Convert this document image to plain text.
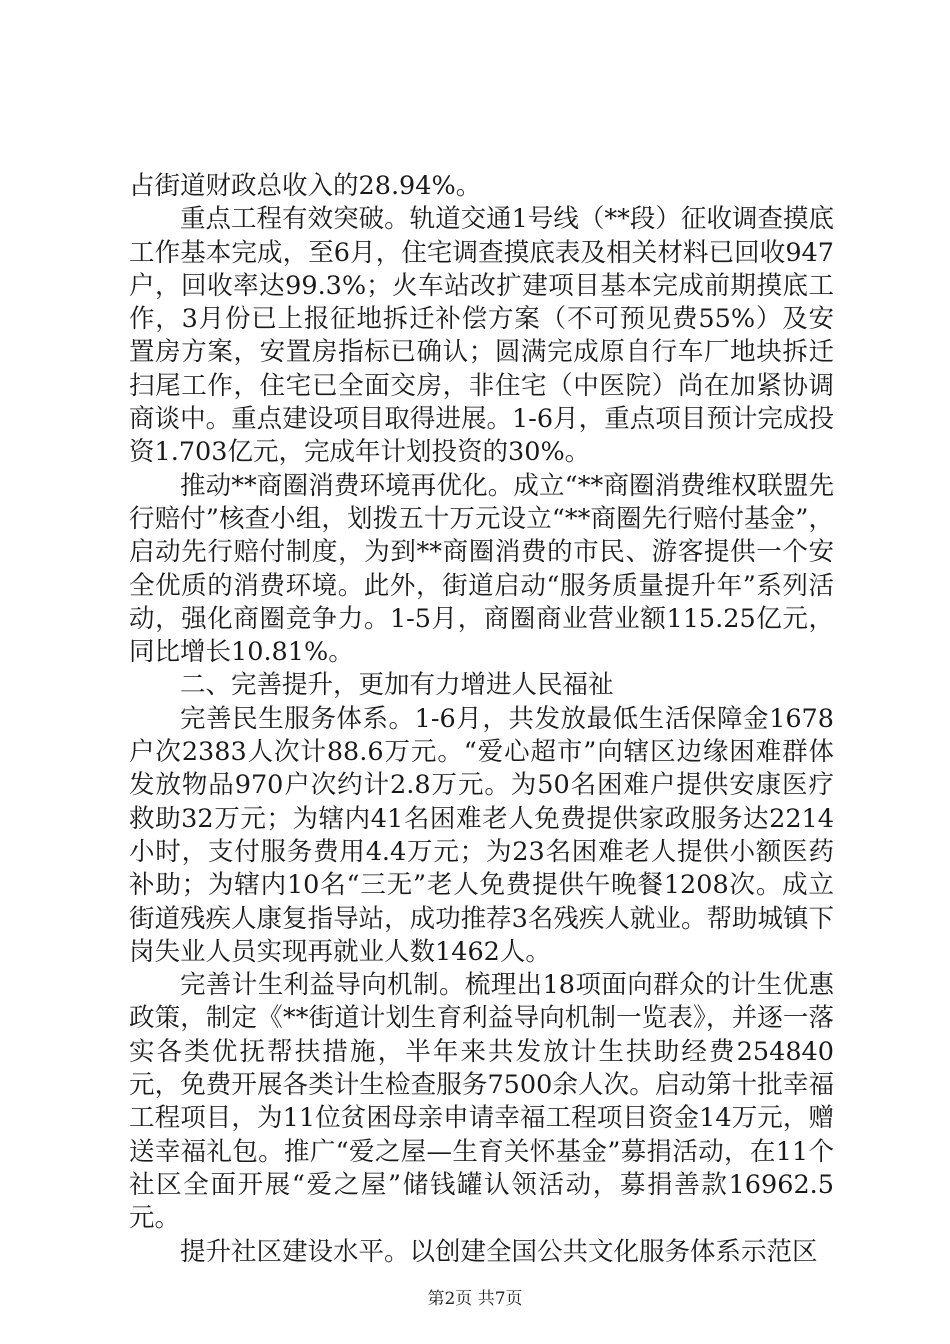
占街道财政总收入的28.94%。

重点工程有效突破。轨道交通1号线（**段）征收调查摸底工作基本完成，至6月，住宅调查摸底表及相关材料已回收947户，回收率达99.3%；火车站改扩建项目基本完成前期摸底工作，3月份已上报征地拆迁补偿方案（不可预见费55%）及安置房方案，安置房指标已确认；圆满完成原自行车厂地块拆迁扫尾工作，住宅已全面交房，非住宅（中医院）尚在加紧协调商谈中。重点建设项目取得进展。1-6月，重点项目预计完成投资1.703亿元，完成年计划投资的30%。

推动**商圈消费环境再优化。成立“**商圈消费维权联盟先行赔付”核查小组，划拨五十万元设立“**商圈先行赔付基金”，启动先行赔付制度，为到**商圈消费的市民、游客提供一个安全优质的消费环境。此外，街道启动“服务质量提升年”系列活动，强化商圈竞争力。1-5月，商圈商业营业额115.25亿元，同比增长10.81%。

二、完善提升，更加有力增进人民福祉

完善民生服务体系。1-6月，共发放最低生活保障金1678户次2383人次计88.6万元。“爱心超市”向辖区边缘困难群体发放物品970户次约计2.8万元。为50名困难户提供安康医疗救助32万元；为辖内41名困难老人免费提供家政服务达2214小时，支付服务费用4.4万元；为23名困难老人提供小额医药补助；为辖内10名“三无”老人免费提供午晚餐1208次。成立街道残疾人康复指导站，成功推荐3名残疾人就业。帮助城镇下岗失业人员实现再就业人数1462人。

完善计生利益导向机制。梳理出18项面向群众的计生优惠政策，制定《**街道计划生育利益导向机制一览表》，并逐一落实各类优抚帮扶措施，半年来共发放计生扶助经费254840元，免费开展各类计生检查服务7500余人次。启动第十批幸福工程项目，为11位贫困母亲申请幸福工程项目资金14万元，赠送幸福礼包。推广“爱之屋—生育关怀基金”募捐活动，在11个社区全面开展“爱之屋”储钱罐认领活动，募捐善款16962.5元。

提升社区建设水平。以创建全国公共文化服务体系示范区

第2页 共7页
